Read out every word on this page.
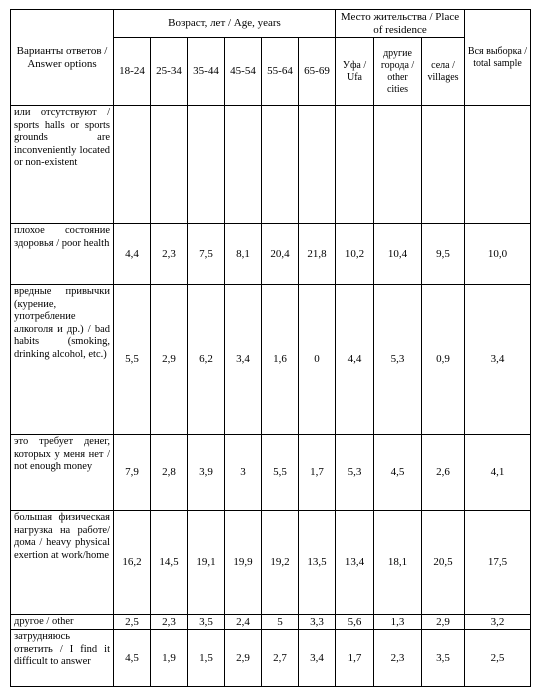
Варианты ответов / Answer options	Возраст, лет / Age, years						Место жительства / Place of residence			Вся выборка / total sample
	18-24	25-34	35-44	45-54	55-64	65-69	Уфа / Ufa	другие города / other cities	села / villages	
или отсутствуют / sports halls or sports grounds are inconveniently located or non-existent										
плохое состояние здоровья / poor health	4,4	2,3	7,5	8,1	20,4	21,8	10,2	10,4	9,5	10,0
вредные привычки (курение, употребление алкоголя и др.) / bad habits (smoking, drinking alcohol, etc.)	5,5	2,9	6,2	3,4	1,6	0	4,4	5,3	0,9	3,4
это требует денег, которых у меня нет / not enough money	7,9	2,8	3,9	3	5,5	1,7	5,3	4,5	2,6	4,1
большая физическая нагрузка на работе/дома / heavy physical exertion at work/home	16,2	14,5	19,1	19,9	19,2	13,5	13,4	18,1	20,5	17,5
другое / other	2,5	2,3	3,5	2,4	5	3,3	5,6	1,3	2,9	3,2
затрудняюсь ответить / I find it difficult to answer	4,5	1,9	1,5	2,9	2,7	3,4	1,7	2,3	3,5	2,5
